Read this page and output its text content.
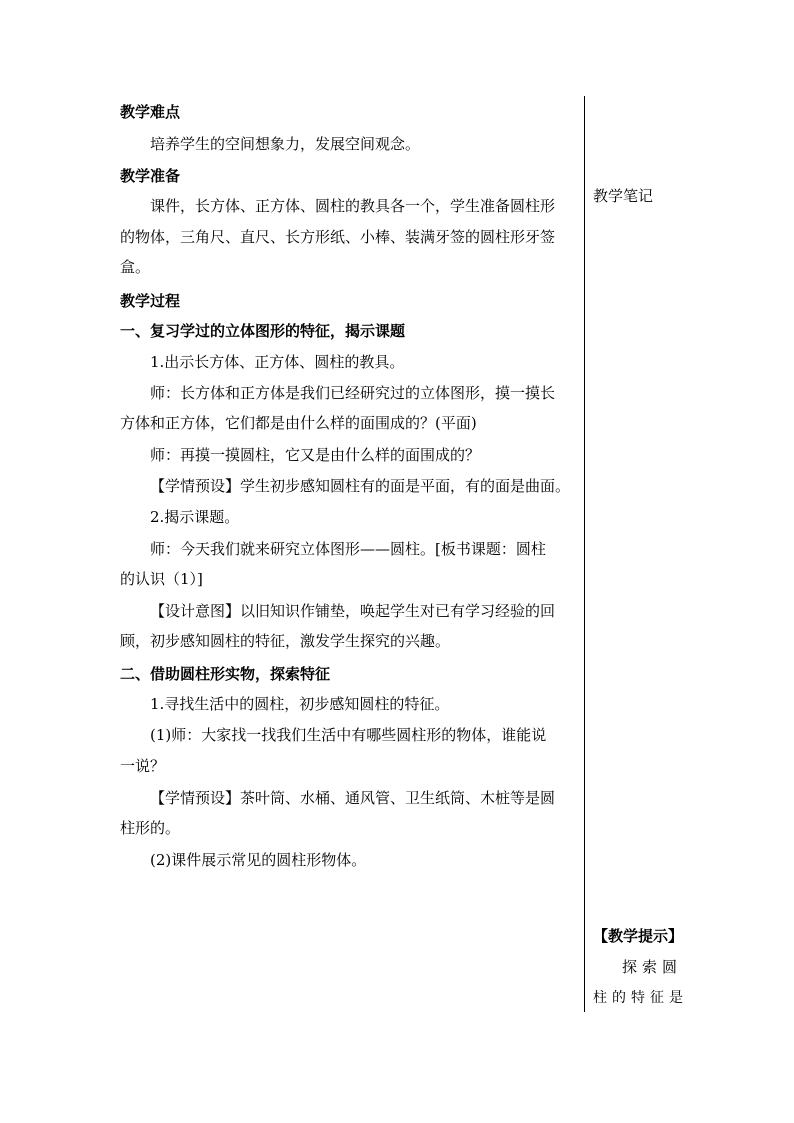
教学难点
培养学生的空间想象力，发展空间观念。
教学准备
课件，长方体、正方体、圆柱的教具各一个，学生准备圆柱形
的物体，三角尺、直尺、长方形纸、小棒、装满牙签的圆柱形牙签
盒。
教学过程
一、复习学过的立体图形的特征，揭示课题
1.出示长方体、正方体、圆柱的教具。
师：长方体和正方体是我们已经研究过的立体图形，摸一摸长
方体和正方体，它们都是由什么样的面围成的？(平面)
师：再摸一摸圆柱，它又是由什么样的面围成的？
【学情预设】学生初步感知圆柱有的面是平面，有的面是曲面。
2.揭示课题。
师：今天我们就来研究立体图形——圆柱。[板书课题：圆柱
的认识（1）]
【设计意图】以旧知识作铺垫，唤起学生对已有学习经验的回
顾，初步感知圆柱的特征，激发学生探究的兴趣。
二、借助圆柱形实物，探索特征
1.寻找生活中的圆柱，初步感知圆柱的特征。
(1)师：大家找一找我们生活中有哪些圆柱形的物体，谁能说
一说？
【学情预设】茶叶筒、水桶、通风管、卫生纸筒、木桩等是圆
柱形的。
(2)课件展示常见的圆柱形物体。
教学笔记
【教学提示】
探索圆
柱的特征是
